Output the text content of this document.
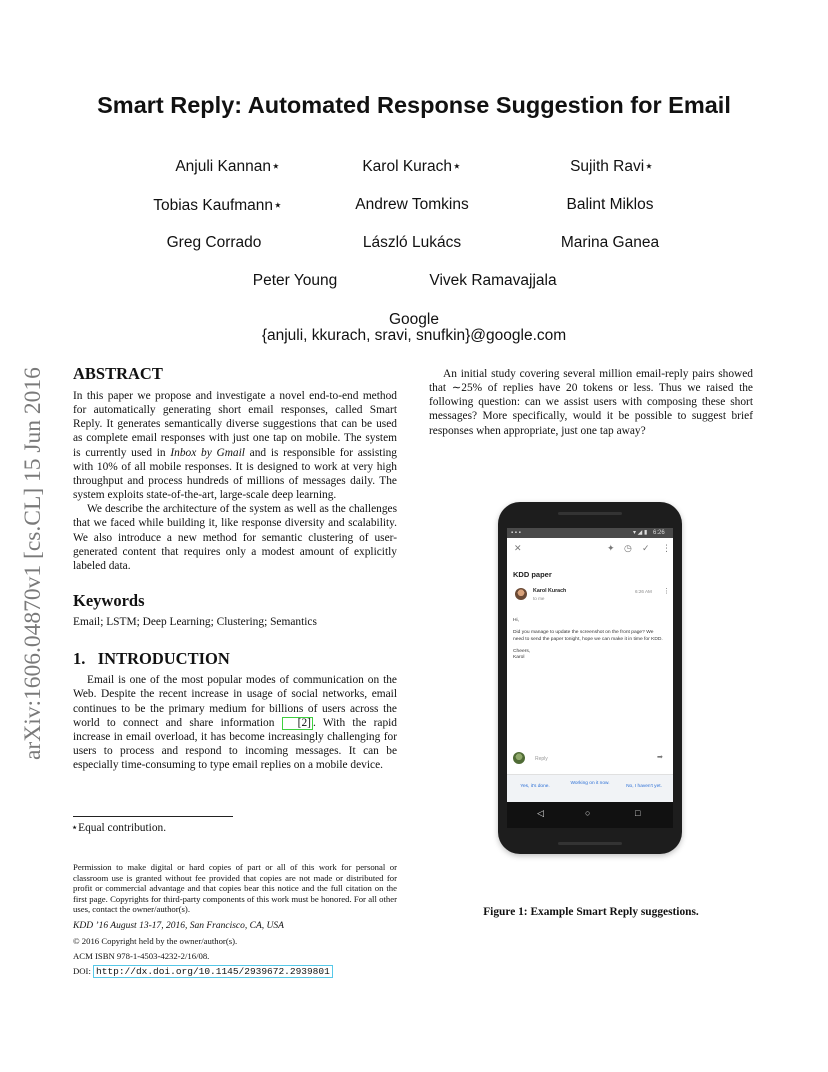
arXiv:1606.04870v1 [cs.CL] 15 Jun 2016
Smart Reply: Automated Response Suggestion for Email
Anjuli Kannan⋆	Karol Kurach⋆	Sujith Ravi⋆
Tobias Kaufmann⋆	Andrew Tomkins	Balint Miklos
Greg Corrado	László Lukács	Marina Ganea
Peter Young	Vivek Ramavajjala
Google
{anjuli, kkurach, sravi, snufkin}@google.com
ABSTRACT

In this paper we propose and investigate a novel end-to-end method for automatically generating short email responses, called Smart Reply. It generates semantically diverse suggestions that can be used as complete email responses with just one tap on mobile. The system is currently used in Inbox by Gmail and is responsible for assisting with 10% of all mobile responses. It is designed to work at very high throughput and process hundreds of millions of messages daily. The system exploits state-of-the-art, large-scale deep learning.

We describe the architecture of the system as well as the challenges that we faced while building it, like response diversity and scalability. We also introduce a new method for semantic clustering of user-generated content that requires only a modest amount of explicitly labeled data.

Keywords

Email; LSTM; Deep Learning; Clustering; Semantics

1.   INTRODUCTION

Email is one of the most popular modes of communication on the Web. Despite the recent increase in usage of social networks, email continues to be the primary medium for billions of users across the world to connect and share information [2] . With the rapid increase in email overload, it has become increasingly challenging for users to process and respond to incoming messages. It can be especially time-consuming to type email replies on a mobile device.

⋆Equal contribution.

Permission to make digital or hard copies of part or all of this work for personal or classroom use is granted without fee provided that copies are not made or distributed for profit or commercial advantage and that copies bear this notice and the full citation on the first page. Copyrights for third-party components of this work must be honored. For all other uses, contact the owner/author(s).

KDD ’16 August 13-17, 2016, San Francisco, CA, USA

© 2016 Copyright held by the owner/author(s).

ACM ISBN 978-1-4503-4232-2/16/08.

DOI: http://dx.doi.org/10.1145/2939672.2939801

An initial study covering several million email-reply pairs showed that ∼25% of replies have 20 tokens or less. Thus we raised the following question: can we assist users with composing these short messages? More specifically, would it be possible to suggest brief responses when appropriate, just one tap away?

▪ ▪ ▪	▾ ◢ ▮ 6:26
✕	✦ ◷ ✓ ⋮
KDD paper
Karol Kurach
to me
6:26 AM ⋮

Hi,

Did you manage to update the screenshot on the front page? We need to send the paper tonight, hope we can make it in time for KDD.

Cheers,

Karol

Reply	➡
Yes, it's done.
Working on it now.
No, I haven't yet.
◁	○	□
Figure 1: Example Smart Reply suggestions.
